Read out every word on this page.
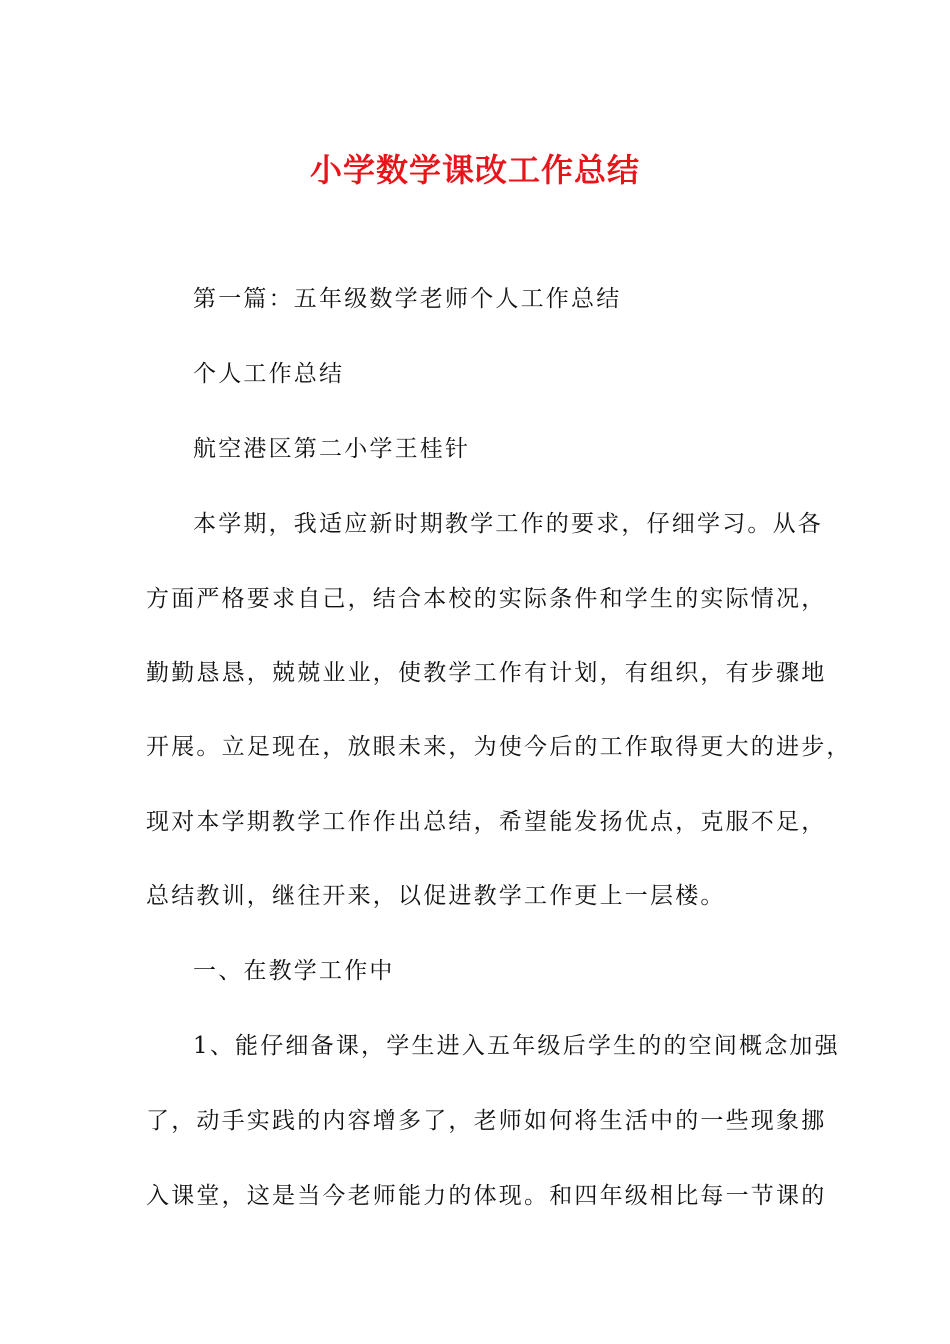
小学数学课改工作总结

第一篇：五年级数学老师个人工作总结

个人工作总结

航空港区第二小学王桂针

本学期，我适应新时期教学工作的要求，仔细学习。从各

方面严格要求自己，结合本校的实际条件和学生的实际情况，

勤勤恳恳，兢兢业业，使教学工作有计划，有组织，有步骤地

开展。立足现在，放眼未来，为使今后的工作取得更大的进步，

现对本学期教学工作作出总结，希望能发扬优点，克服不足，

总结教训，继往开来，以促进教学工作更上一层楼。

一、在教学工作中

1、能仔细备课，学生进入五年级后学生的的空间概念加强

了，动手实践的内容增多了，老师如何将生活中的一些现象挪

入课堂，这是当今老师能力的体现。和四年级相比每一节课的
